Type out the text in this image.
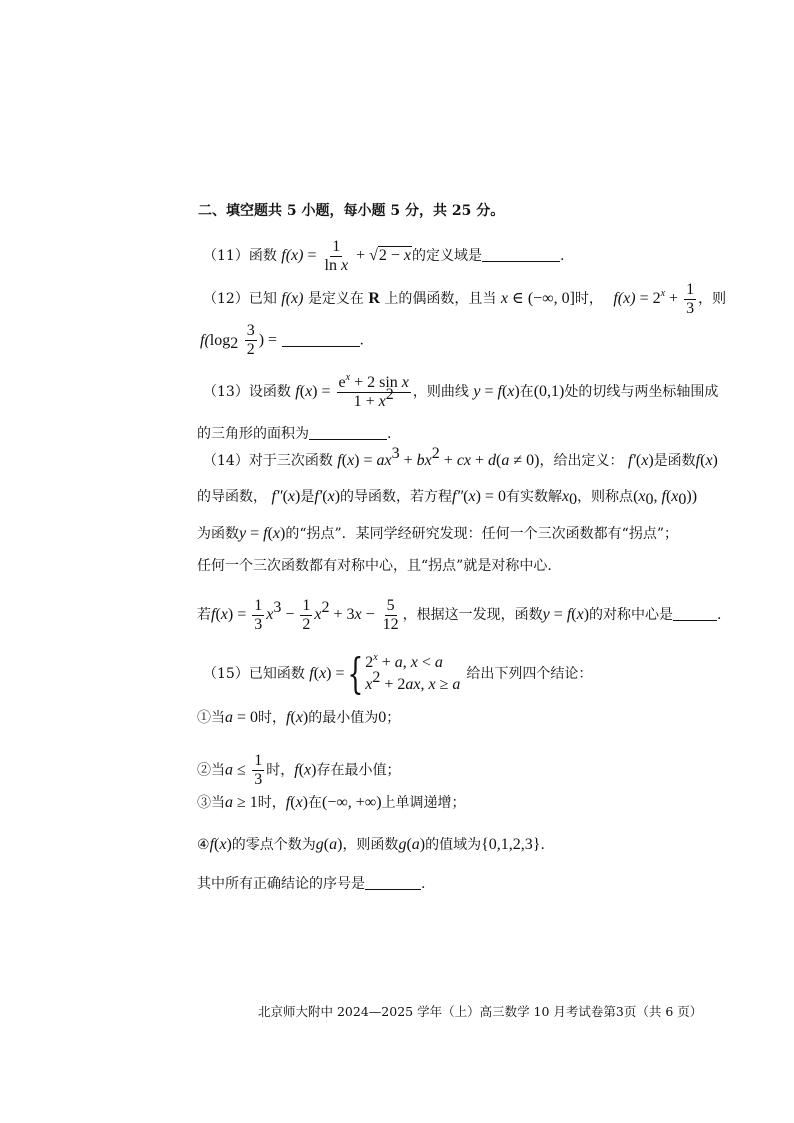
二、填空题共 5 小题，每小题 5 分，共 25 分。
（11）函数 $f(x) = \frac{1}{\text{ln x}} + √2 - x$的定义域是	.
（12）已知 f(x) 是定义在 R 上的偶函数，且当 x ∈ (−∞, 0]时， $f(x) = 2^x + \frac{1}{3}$ ，则
$f(\log_2 \frac{3}{2}$ ) =	.
（13）设函数 $f(x) = \frac{e^x + 2 \sin x}{1 + x^2}$ ，则曲线 y = f(x)在(0,1)处的切线与两坐标轴围成
的三角形的面积为	.
（14）对于三次函数 $f(x) = ax^3 + bx^2$ + cx + d(a ≠ 0)，给出定义： f′(x)是函数f(x)
的导函数， f″(x)是f′(x)的导函数，若方程f″(x) = 0有实数解$x_0$，则称点($x_0$, $f(x_0)$)
为函数y = f(x)的“拐点”．某同学经研究发现：任何一个三次函数都有“拐点”；
任何一个三次函数都有对称中心，且“拐点”就是对称中心.
若$f(x) = \frac{1}{3} x^3 - \frac{1}{2} x^2 + 3x - \frac{5}{12}$ ，根据这一发现，函数y = f(x)的对称中心是	.
（15）已知函数 f(x) ={ $2^x + a$, x < a
$x^2 + 2ax$, x ≥ a
给出下列四个结论：
①当a = 0时，f(x)的最小值为0；
②当$a \le \frac{1}{3}$ 时，f(x)存在最小值；
③当a ≥ 1时，f(x)在(−∞, +∞)上单调递增；
④f(x)的零点个数为g(a)，则函数g(a)的值域为{0,1,2,3}.
其中所有正确结论的序号是	.
北京师大附中 2024—2025 学年（上）高三数学 10 月考试卷第3页（共 6 页）
